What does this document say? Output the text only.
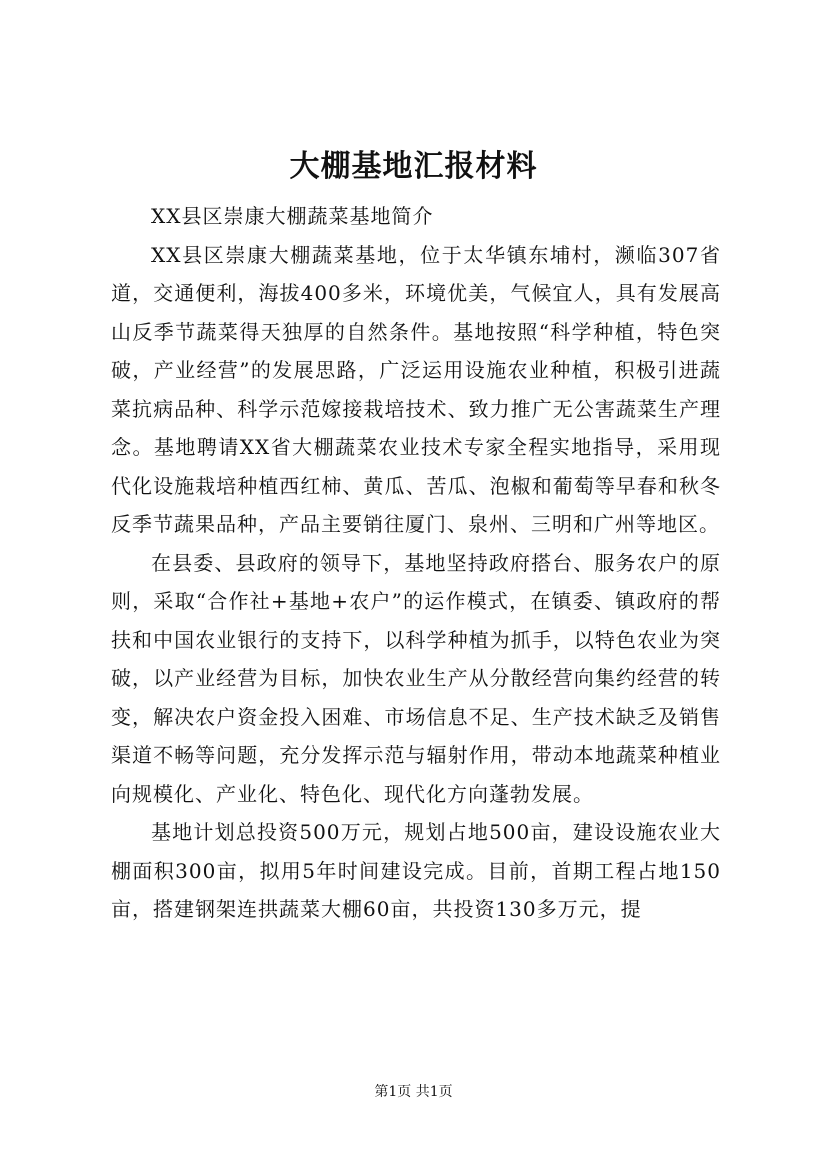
大棚基地汇报材料

XX县区崇康大棚蔬菜基地简介

XX县区崇康大棚蔬菜基地，位于太华镇东埔村，濒临307省道，交通便利，海拔400多米，环境优美，气候宜人，具有发展高山反季节蔬菜得天独厚的自然条件。基地按照“科学种植，特色突破，产业经营”的发展思路，广泛运用设施农业种植，积极引进蔬菜抗病品种、科学示范嫁接栽培技术、致力推广无公害蔬菜生产理念。基地聘请XX省大棚蔬菜农业技术专家全程实地指导，采用现代化设施栽培种植西红柿、黄瓜、苦瓜、泡椒和葡萄等早春和秋冬反季节蔬果品种，产品主要销往厦门、泉州、三明和广州等地区。

在县委、县政府的领导下，基地坚持政府搭台、服务农户的原则，采取“合作社+基地+农户”的运作模式，在镇委、镇政府的帮扶和中国农业银行的支持下，以科学种植为抓手，以特色农业为突破，以产业经营为目标，加快农业生产从分散经营向集约经营的转变，解决农户资金投入困难、市场信息不足、生产技术缺乏及销售渠道不畅等问题，充分发挥示范与辐射作用，带动本地蔬菜种植业向规模化、产业化、特色化、现代化方向蓬勃发展。

基地计划总投资500万元，规划占地500亩，建设设施农业大棚面积300亩，拟用5年时间建设完成。目前，首期工程占地150亩，搭建钢架连拱蔬菜大棚60亩，共投资130多万元，提

第1页 共1页
